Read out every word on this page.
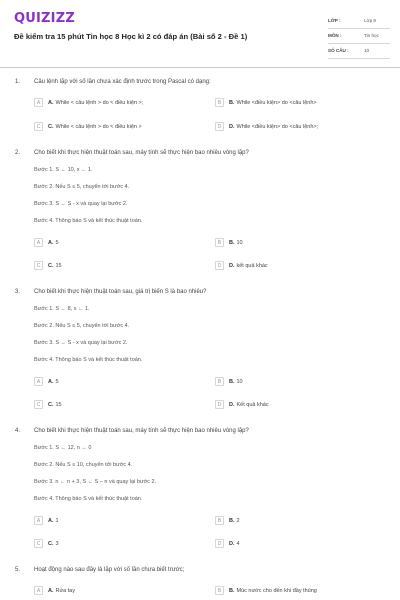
QUIZIZZ
Đề kiểm tra 15 phút Tin học 8 Học kì 2 có đáp án (Bài số 2 - Đề 1)
LỚP :	Lớp 8
MÔN :	Tin học
SỐ CÂU :	10
1. Câu lệnh lặp với số lần chưa xác định trước trong Pascal có dạng:
A	A. While < câu lệnh > do < điều kiện >;	B	B. While <điều kiện> do <câu lệnh>
C	C. While < câu lệnh > do < điều kiện >	D	D. While <điều kiện> do <câu lệnh>;
2. Cho biết khi thực hiện thuật toán sau, máy tính sẽ thực hiện bao nhiêu vòng lặp?
Bước 1. S ← 10, x ← 1.
Bước 2. Nếu S ≤ 5, chuyển tới bước 4.
Bước 3. S ← S - x và quay lại bước 2.
Bước 4. Thông báo S và kết thúc thuật toán.
A	A. 5	B	B. 10
C	C. 15	D	D. kết quả khác
3. Cho biết khi thực hiện thuật toán sau, giá trị biến S là bao nhiêu?
Bước 1. S ← 8, x ← 1.
Bước 2. Nếu S ≤ 5, chuyển tới bước 4.
Bước 3. S ← S - x và quay lại bước 2.
Bước 4. Thông báo S và kết thúc thuật toán.
A	A. 5	B	B. 10
C	C. 15	D	D. Kết quả khác
4. Cho biết khi thực hiện thuật toán sau, máy tính sẽ thực hiện bao nhiêu vòng lặp?
Bước 1. S ← 12, n ← 0
Bước 2. Nếu S ≤ 10, chuyển tới bước 4.
Bước 3. n ← n + 3, S ← S – n và quay lại bước 2.
Bước 4. Thông báo S và kết thúc thuật toán.
A	A. 1	B	B. 2
C	C. 3	D	D. 4
5. Hoạt động nào sau đây là lặp với số lần chưa biết trước;
A	A. Rửa tay	B	B. Múc nước cho đến khi đầy thùng
